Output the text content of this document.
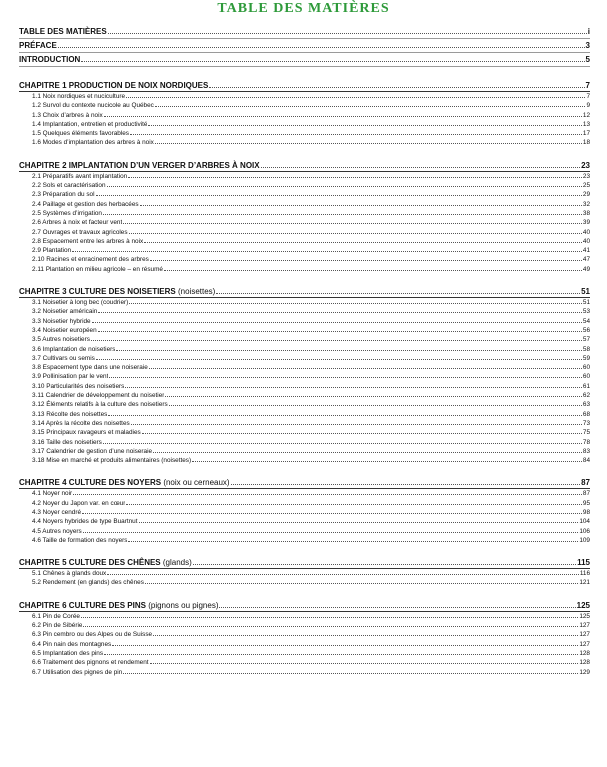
TABLE DES MATIÈRES
TABLE DES MATIÈRES	i
PRÉFACE	3
INTRODUCTION	5
CHAPITRE 1 PRODUCTION DE NOIX NORDIQUES	7
1.1 Noix nordiques et nuciculture	7
1.2 Survol du contexte nucicole au Québec	9
1.3 Choix d’arbres à noix	12
1.4 Implantation, entretien et productivité	13
1.5 Quelques éléments favorables	17
1.6 Modes d’implantation des arbres à noix	18
CHAPITRE 2 IMPLANTATION D’UN VERGER D’ARBRES À NOIX	23
2.1 Préparatifs avant implantation	23
2.2 Sols et caractérisation	25
2.3 Préparation du sol	29
2.4 Paillage et gestion des herbacées	32
2.5 Systèmes d’irrigation	38
2.6 Arbres à noix et facteur vent	39
2.7 Ouvrages et travaux agricoles	40
2.8 Espacement entre les arbres à noix	40
2.9 Plantation	41
2.10 Racines et enracinement des arbres	47
2.11 Plantation en milieu agricole – en résumé	49
CHAPITRE 3 CULTURE DES NOISETIERS (noisettes)	51
3.1 Noisetier à long bec (coudrier)	51
3.2 Noisetier américain	53
3.3 Noisetier hybride	54
3.4 Noisetier européen	56
3.5 Autres noisetiers	57
3.6 Implantation de noisetiers	58
3.7 Cultivars ou semis	59
3.8 Espacement type dans une noiseraie	60
3.9 Pollinisation par le vent	60
3.10 Particularités des noisetiers	61
3.11 Calendrier de développement du noisetier	62
3.12 Éléments relatifs à la culture des noisetiers	63
3.13 Récolte des noisettes	68
3.14 Après la récolte des noisettes	73
3.15 Principaux ravageurs et maladies	75
3.16 Taille des noisetiers	78
3.17 Calendrier de gestion d’une noiseraie	83
3.18 Mise en marché et produits alimentaires (noisettes)	84
CHAPITRE 4 CULTURE DES NOYERS (noix ou cerneaux)	87
4.1 Noyer noir	87
4.2 Noyer du Japon var. en cœur	95
4.3 Noyer cendré	98
4.4 Noyers hybrides de type Buartnut	104
4.5 Autres noyers	106
4.6 Taille de formation des noyers	109
CHAPITRE 5 CULTURE DES CHÊNES (glands)	115
5.1 Chênes à glands doux	116
5.2 Rendement (en glands) des chênes	121
CHAPITRE 6 CULTURE DES PINS (pignons ou pignes)	125
6.1 Pin de Corée	125
6.2 Pin de Sibérie	127
6.3 Pin cembro ou des Alpes ou de Suisse	127
6.4 Pin nain des montagnes	127
6.5 Implantation des pins	128
6.6 Traitement des pignons et rendement	128
6.7 Utilisation des pignes de pin	129
